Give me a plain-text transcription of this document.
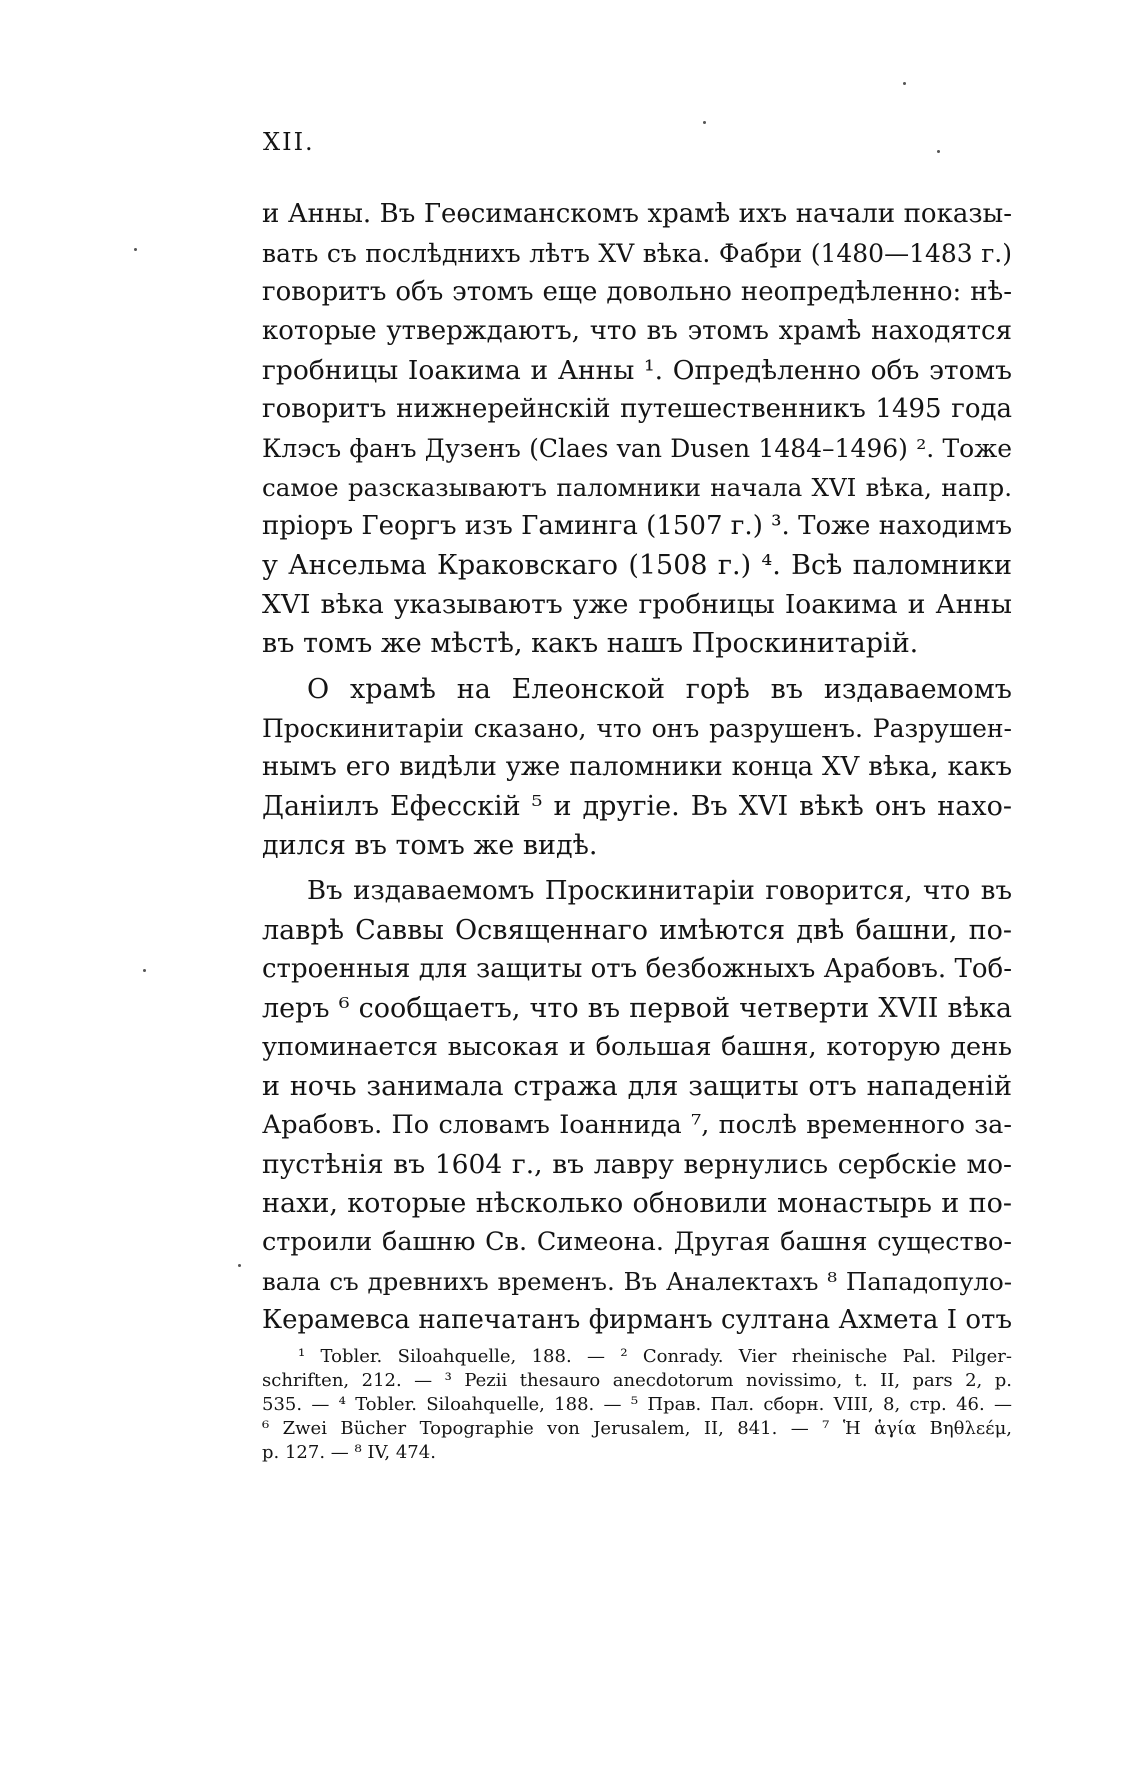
XII.
и Анны. Въ Геѳсиманскомъ храмѣ ихъ начали показы-
вать съ послѣднихъ лѣтъ XV вѣка. Фабри (1480—1483 г.)
говоритъ объ этомъ еще довольно неопредѣленно: нѣ-
которые утверждаютъ, что въ этомъ храмѣ находятся
гробницы Іоакима и Анны ¹. Опредѣленно объ этомъ
говоритъ нижнерейнскій путешественникъ 1495 года
Клэсъ фанъ Дузенъ (Claes van Dusen 1484–1496) ². Тоже
самое разсказываютъ паломники начала XVI вѣка, напр.
пріоръ Георгъ изъ Гаминга (1507 г.) ³. Тоже находимъ
у Ансельма Краковскаго (1508 г.) ⁴. Всѣ паломники
XVI вѣка указываютъ уже гробницы Іоакима и Анны
въ томъ же мѣстѣ, какъ нашъ Проскинитарій.
О храмѣ на Елеонской горѣ въ издаваемомъ
Проскинитаріи сказано, что онъ разрушенъ. Разрушен-
нымъ его видѣли уже паломники конца XV вѣка, какъ
Даніилъ Ефесскій ⁵ и другіе. Въ XVI вѣкѣ онъ нахо-
дился въ томъ же видѣ.
Въ издаваемомъ Проскинитаріи говорится, что въ
лаврѣ Саввы Освященнаго имѣются двѣ башни, по-
строенныя для защиты отъ безбожныхъ Арабовъ. Тоб-
леръ ⁶ сообщаетъ, что въ первой четверти XVII вѣка
упоминается высокая и большая башня, которую день
и ночь занимала стража для защиты отъ нападеній
Арабовъ. По словамъ Іоаннида ⁷, послѣ временного за-
пустѣнія въ 1604 г., въ лавру вернулись сербскіе мо-
нахи, которые нѣсколько обновили монастырь и по-
строили башню Св. Симеона. Другая башня существо-
вала съ древнихъ временъ. Въ Аналектахъ ⁸ Пападопуло-
Керамевса напечатанъ фирманъ султана Ахмета I отъ
¹ Tobler. Siloahquelle, 188. — ² Conrady. Vier rheinische Pal. Pilger-
schriften, 212. — ³ Pezii thesauro anecdotorum novissimo, t. II, pars 2, p.
535. — ⁴ Tobler. Siloahquelle, 188. — ⁵ Прав. Пал. сборн. VIII, 8, стр. 46. —
⁶ Zwei Bücher Topographie von Jerusalem, II, 841. — ⁷ Ἡ ἁγία Βηθλεέμ,
p. 127. — ⁸ IV, 474.
